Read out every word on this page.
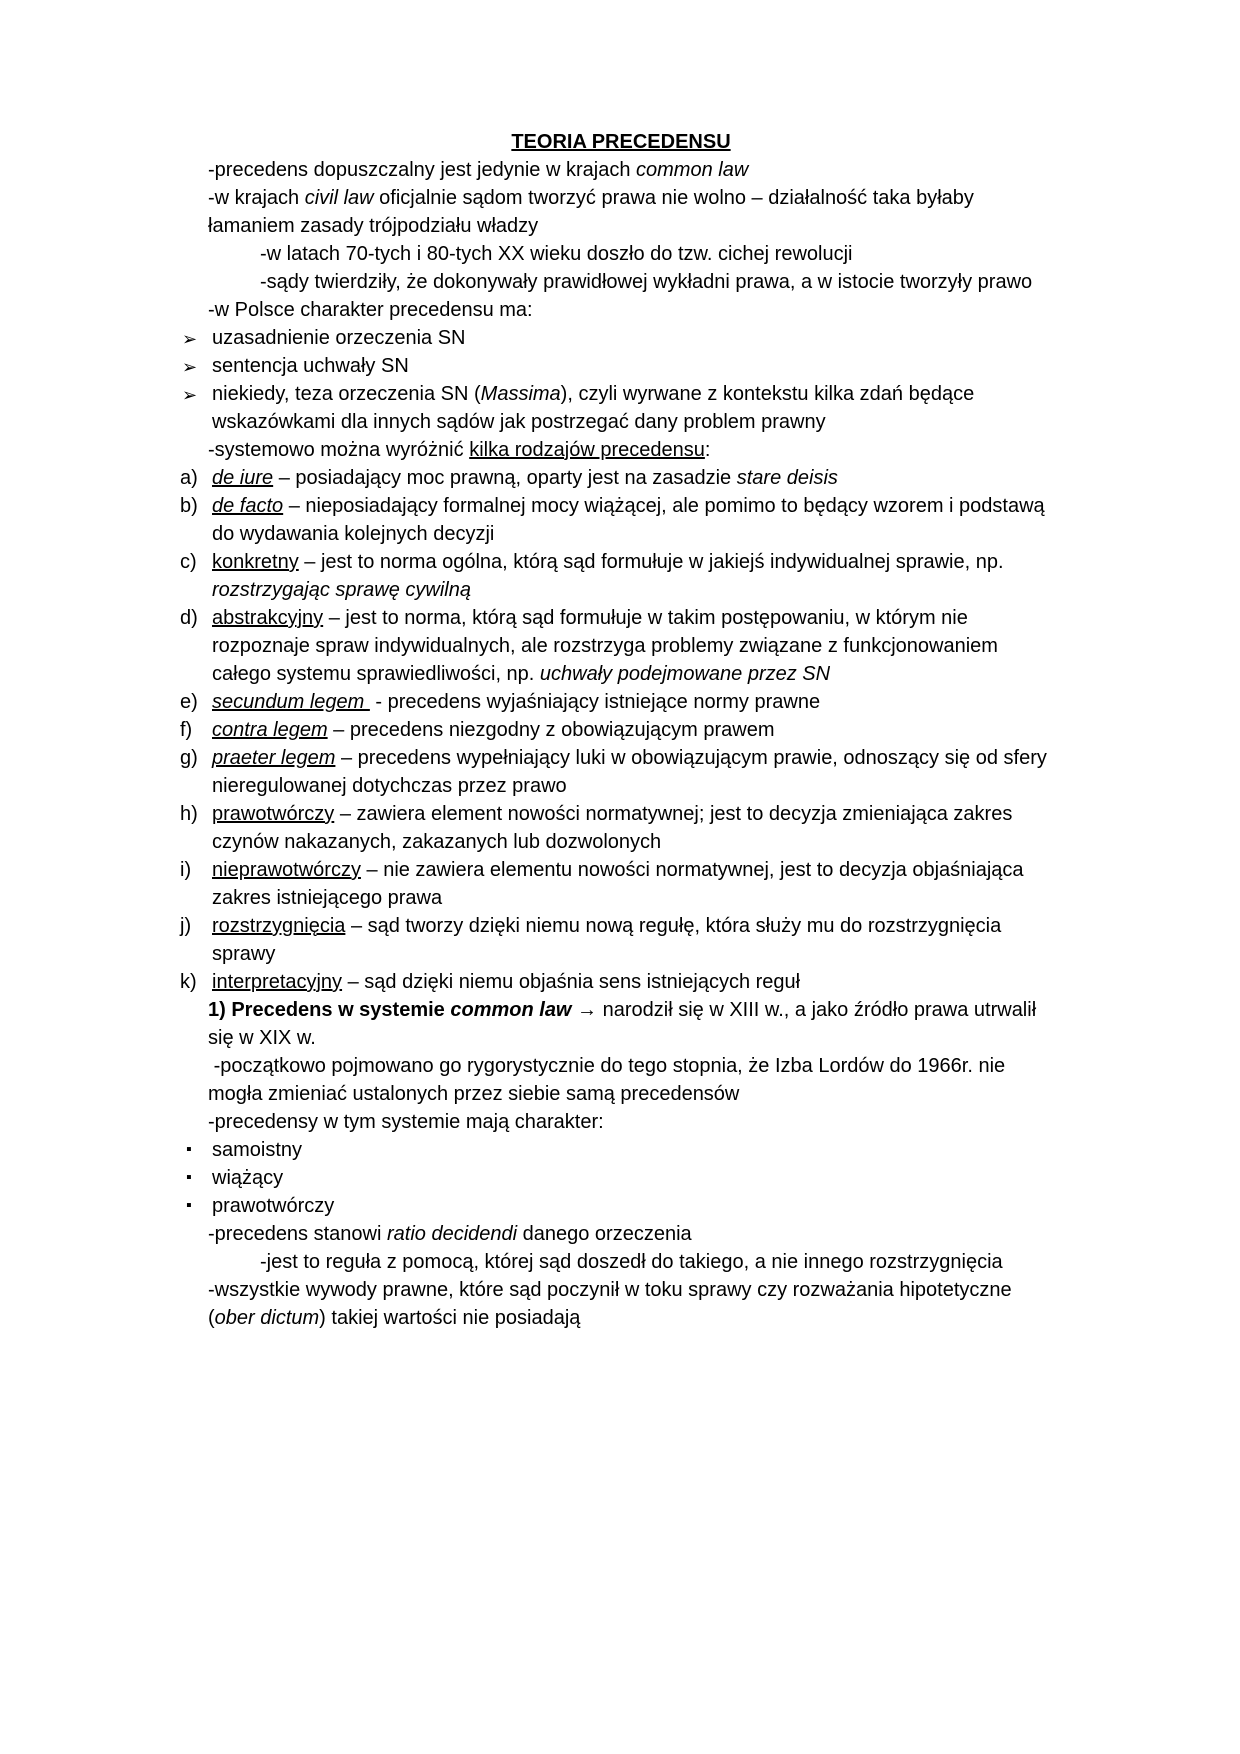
TEORIA PRECEDENSU
-precedens dopuszczalny jest jedynie w krajach common law
-w krajach civil law oficjalnie sądom tworzyć prawa nie wolno – działalność taka byłaby łamaniem zasady trójpodziału władzy
-w latach 70-tych i 80-tych XX wieku doszło do tzw. cichej rewolucji
-sądy twierdziły, że dokonywały prawidłowej wykładni prawa, a w istocie tworzyły prawo
-w Polsce charakter precedensu ma:
➢ uzasadnienie orzeczenia SN
➢ sentencja uchwały SN
➢ niekiedy, teza orzeczenia SN (Massima), czyli wyrwane z kontekstu kilka zdań będące wskazówkami dla innych sądów jak postrzegać dany problem prawny
-systemowo można wyróżnić kilka rodzajów precedensu:
a) de iure – posiadający moc prawną, oparty jest na zasadzie stare deisis
b) de facto – nieposiadający formalnej mocy wiążącej, ale pomimo to będący wzorem i podstawą do wydawania kolejnych decyzji
c) konkretny – jest to norma ogólna, którą sąd formułuje w jakiejś indywidualnej sprawie, np. rozstrzygając sprawę cywilną
d) abstrakcyjny – jest to norma, którą sąd formułuje w takim postępowaniu, w którym nie rozpoznaje spraw indywidualnych, ale rozstrzyga problemy związane z funkcjonowaniem całego systemu sprawiedliwości, np. uchwały podejmowane przez SN
e) secundum legem  - precedens wyjaśniający istniejące normy prawne
f) contra legem – precedens niezgodny z obowiązującym prawem
g) praeter legem – precedens wypełniający luki w obowiązującym prawie, odnoszący się od sfery nieregulowanej dotychczas przez prawo
h) prawotwórczy – zawiera element nowości normatywnej; jest to decyzja zmieniająca zakres czynów nakazanych, zakazanych lub dozwolonych
i) nieprawotwórczy – nie zawiera elementu nowości normatywnej, jest to decyzja objaśniająca zakres istniejącego prawa
j) rozstrzygnięcia – sąd tworzy dzięki niemu nową regułę, która służy mu do rozstrzygnięcia sprawy
k) interpretacyjny – sąd dzięki niemu objaśnia sens istniejących reguł
1) Precedens w systemie common law → narodził się w XIII w., a jako źródło prawa utrwalił się w XIX w.
-początkowo pojmowano go rygorystycznie do tego stopnia, że Izba Lordów do 1966r. nie mogła zmieniać ustalonych przez siebie samą precedensów
-precedensy w tym systemie mają charakter:
▪ samoistny
▪ wiążący
▪ prawotwórczy
-precedens stanowi ratio decidendi danego orzeczenia
-jest to reguła z pomocą, której sąd doszedł do takiego, a nie innego rozstrzygnięcia
-wszystkie wywody prawne, które sąd poczynił w toku sprawy czy rozważania hipotetyczne (ober dictum) takiej wartości nie posiadają
